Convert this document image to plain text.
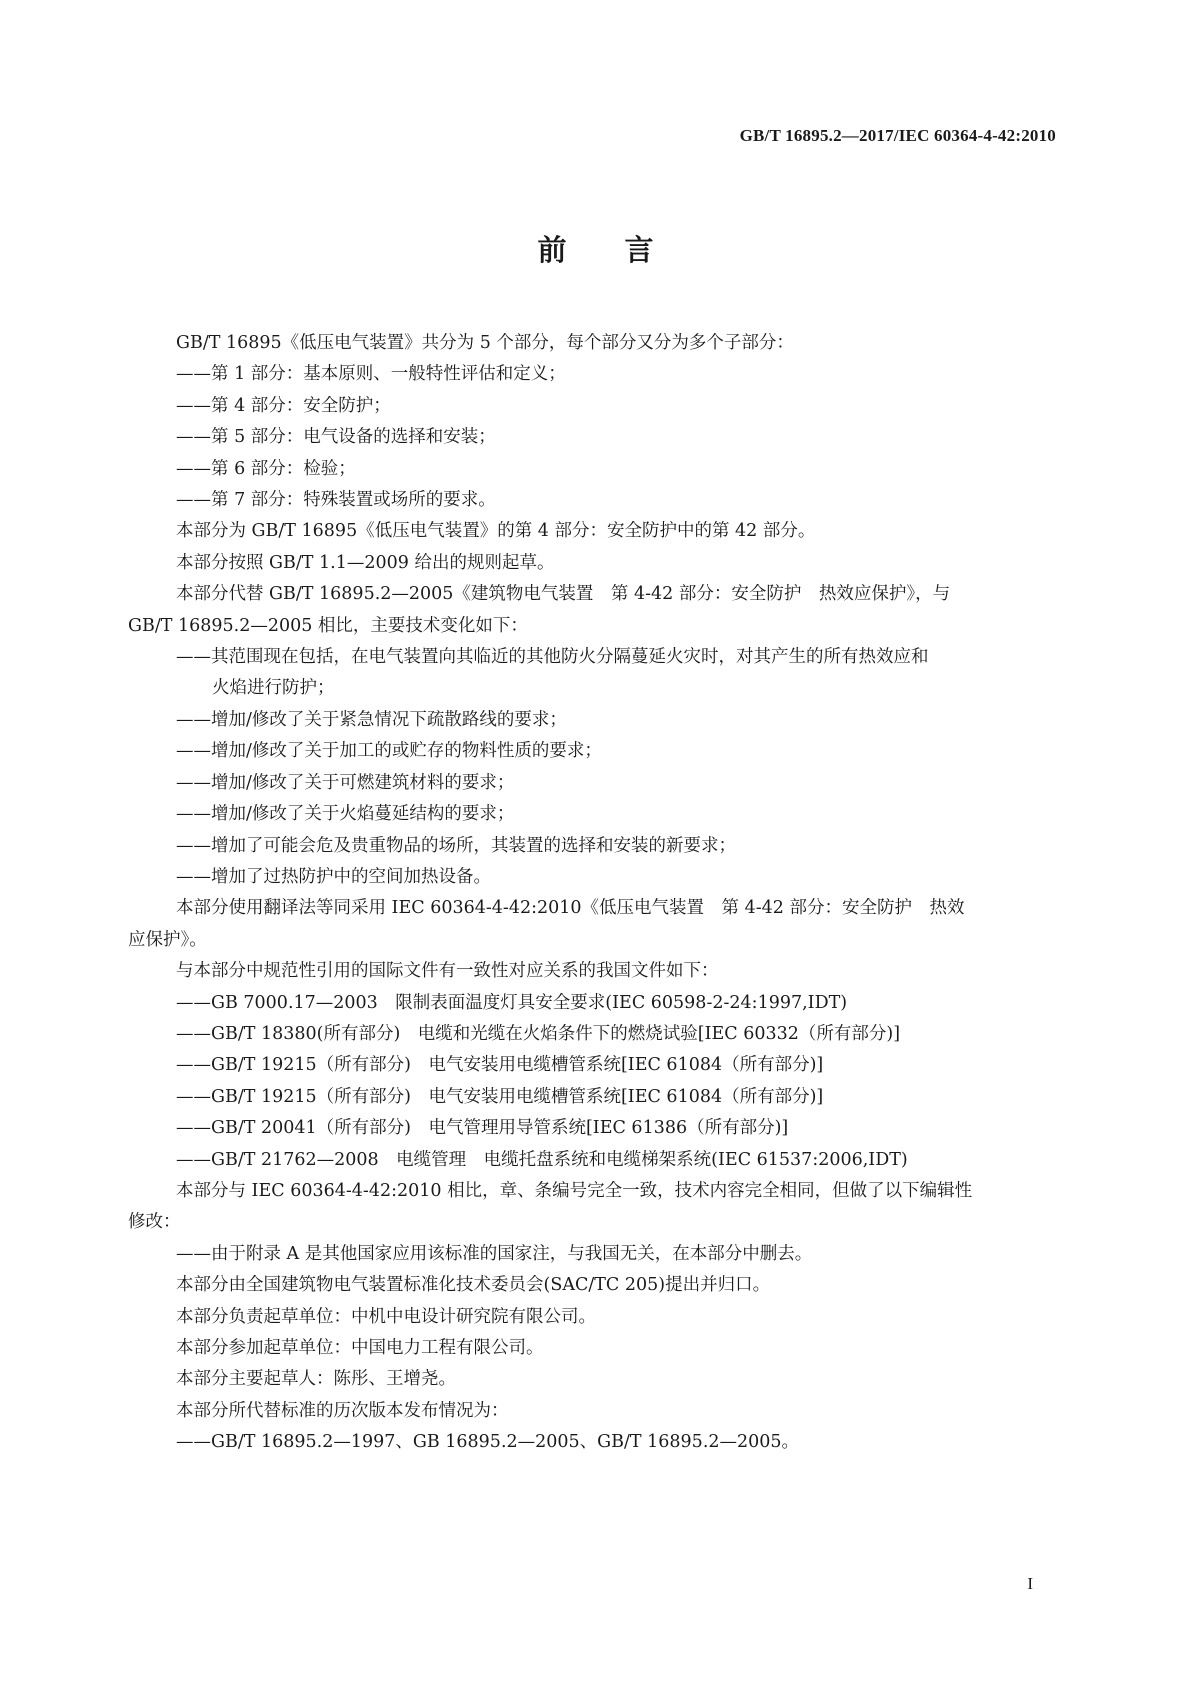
GB/T 16895.2—2017/IEC 60364-4-42:2010
前 言
GB/T 16895《低压电气装置》共分为 5 个部分，每个部分又分为多个子部分：
——第 1 部分：基本原则、一般特性评估和定义；
——第 4 部分：安全防护；
——第 5 部分：电气设备的选择和安装；
——第 6 部分：检验；
——第 7 部分：特殊装置或场所的要求。
本部分为 GB/T 16895《低压电气装置》的第 4 部分：安全防护中的第 42 部分。
本部分按照 GB/T 1.1—2009 给出的规则起草。
本部分代替 GB/T 16895.2—2005《建筑物电气装置　第 4-42 部分：安全防护　热效应保护》，与
GB/T 16895.2—2005 相比，主要技术变化如下：
——其范围现在包括，在电气装置向其临近的其他防火分隔蔓延火灾时，对其产生的所有热效应和
火焰进行防护；
——增加/修改了关于紧急情况下疏散路线的要求；
——增加/修改了关于加工的或贮存的物料性质的要求；
——增加/修改了关于可燃建筑材料的要求；
——增加/修改了关于火焰蔓延结构的要求；
——增加了可能会危及贵重物品的场所，其装置的选择和安装的新要求；
——增加了过热防护中的空间加热设备。
本部分使用翻译法等同采用 IEC 60364-4-42:2010《低压电气装置　第 4-42 部分：安全防护　热效
应保护》。
与本部分中规范性引用的国际文件有一致性对应关系的我国文件如下：
——GB 7000.17—2003　限制表面温度灯具安全要求(IEC 60598-2-24:1997,IDT)
——GB/T 18380(所有部分)　电缆和光缆在火焰条件下的燃烧试验[IEC 60332（所有部分)]
——GB/T 19215（所有部分)　电气安装用电缆槽管系统[IEC 61084（所有部分)]
——GB/T 19215（所有部分)　电气安装用电缆槽管系统[IEC 61084（所有部分)]
——GB/T 20041（所有部分)　电气管理用导管系统[IEC 61386（所有部分)]
——GB/T 21762—2008　电缆管理　电缆托盘系统和电缆梯架系统(IEC 61537:2006,IDT)
本部分与 IEC 60364-4-42:2010 相比，章、条编号完全一致，技术内容完全相同，但做了以下编辑性
修改：
——由于附录 A 是其他国家应用该标准的国家注，与我国无关，在本部分中删去。
本部分由全国建筑物电气装置标准化技术委员会(SAC/TC 205)提出并归口。
本部分负责起草单位：中机中电设计研究院有限公司。
本部分参加起草单位：中国电力工程有限公司。
本部分主要起草人：陈彤、王增尧。
本部分所代替标准的历次版本发布情况为：
——GB/T 16895.2—1997、GB 16895.2—2005、GB/T 16895.2—2005。
I
